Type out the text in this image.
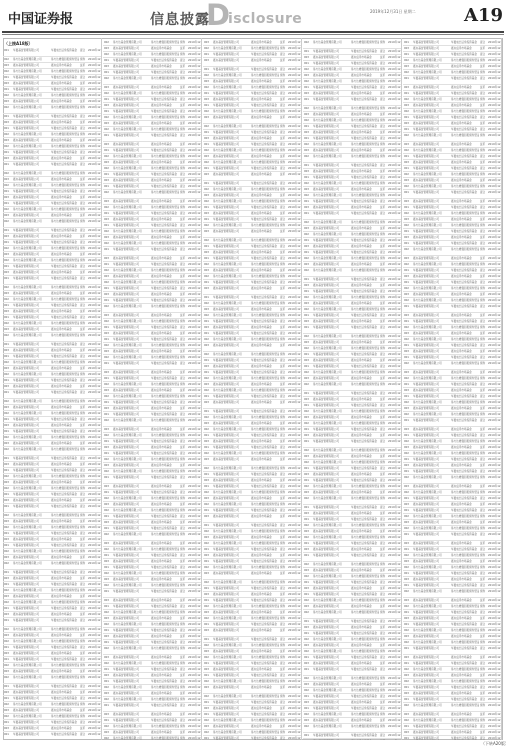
中国证券报	信息披露
D
isclosure	2019年12月31日 星期二	A19
（上接A18版）
001	华夏基金管理有限公司	华夏成长证券投资基金	混合	2019年12月
002	易方达基金管理有限公司	易方达增强回报债券型	债券	2019年12月
003	嘉实基金管理有限公司	嘉实货币市场基金	货币	2019年12月
002	易方达基金管理有限公司	易方达增强回报债券型	债券	2019年12月
001	华夏基金管理有限公司	华夏成长证券投资基金	混合	2019年12月
003	嘉实基金管理有限公司	嘉实货币市场基金	货币	2019年12月
001	华夏基金管理有限公司	华夏成长证券投资基金	混合	2019年12月
002	易方达基金管理有限公司	易方达增强回报债券型	债券	2019年12月
003	嘉实基金管理有限公司	嘉实货币市场基金	货币	2019年12月
002	易方达基金管理有限公司	易方达增强回报债券型	债券	2019年12月
001	华夏基金管理有限公司	华夏成长证券投资基金	混合	2019年12月
003	嘉实基金管理有限公司	嘉实货币市场基金	货币	2019年12月
001	华夏基金管理有限公司	华夏成长证券投资基金	混合	2019年12月
002	易方达基金管理有限公司	易方达增强回报债券型	债券	2019年12月
003	嘉实基金管理有限公司	嘉实货币市场基金	货币	2019年12月
002	易方达基金管理有限公司	易方达增强回报债券型	债券	2019年12月
001	华夏基金管理有限公司	华夏成长证券投资基金	混合	2019年12月
003	嘉实基金管理有限公司	嘉实货币市场基金	货币	2019年12月
001	华夏基金管理有限公司	华夏成长证券投资基金	混合	2019年12月
002	易方达基金管理有限公司	易方达增强回报债券型	债券	2019年12月
003	嘉实基金管理有限公司	嘉实货币市场基金	货币	2019年12月
002	易方达基金管理有限公司	易方达增强回报债券型	债券	2019年12月
001	华夏基金管理有限公司	华夏成长证券投资基金	混合	2019年12月
003	嘉实基金管理有限公司	嘉实货币市场基金	货币	2019年12月
001	华夏基金管理有限公司	华夏成长证券投资基金	混合	2019年12月
002	易方达基金管理有限公司	易方达增强回报债券型	债券	2019年12月
003	嘉实基金管理有限公司	嘉实货币市场基金	货币	2019年12月
002	易方达基金管理有限公司	易方达增强回报债券型	债券	2019年12月
001	华夏基金管理有限公司	华夏成长证券投资基金	混合	2019年12月
003	嘉实基金管理有限公司	嘉实货币市场基金	货币	2019年12月
001	华夏基金管理有限公司	华夏成长证券投资基金	混合	2019年12月
002	易方达基金管理有限公司	易方达增强回报债券型	债券	2019年12月
003	嘉实基金管理有限公司	嘉实货币市场基金	货币	2019年12月
002	易方达基金管理有限公司	易方达增强回报债券型	债券	2019年12月
001	华夏基金管理有限公司	华夏成长证券投资基金	混合	2019年12月
003	嘉实基金管理有限公司	嘉实货币市场基金	货币	2019年12月
001	华夏基金管理有限公司	华夏成长证券投资基金	混合	2019年12月
002	易方达基金管理有限公司	易方达增强回报债券型	债券	2019年12月
003	嘉实基金管理有限公司	嘉实货币市场基金	货币	2019年12月
002	易方达基金管理有限公司	易方达增强回报债券型	债券	2019年12月
001	华夏基金管理有限公司	华夏成长证券投资基金	混合	2019年12月
003	嘉实基金管理有限公司	嘉实货币市场基金	货币	2019年12月
001	华夏基金管理有限公司	华夏成长证券投资基金	混合	2019年12月
002	易方达基金管理有限公司	易方达增强回报债券型	债券	2019年12月
003	嘉实基金管理有限公司	嘉实货币市场基金	货币	2019年12月
002	易方达基金管理有限公司	易方达增强回报债券型	债券	2019年12月
001	华夏基金管理有限公司	华夏成长证券投资基金	混合	2019年12月
003	嘉实基金管理有限公司	嘉实货币市场基金	货币	2019年12月
001	华夏基金管理有限公司	华夏成长证券投资基金	混合	2019年12月
002	易方达基金管理有限公司	易方达增强回报债券型	债券	2019年12月
003	嘉实基金管理有限公司	嘉实货币市场基金	货币	2019年12月
002	易方达基金管理有限公司	易方达增强回报债券型	债券	2019年12月
001	华夏基金管理有限公司	华夏成长证券投资基金	混合	2019年12月
003	嘉实基金管理有限公司	嘉实货币市场基金	货币	2019年12月
001	华夏基金管理有限公司	华夏成长证券投资基金	混合	2019年12月
002	易方达基金管理有限公司	易方达增强回报债券型	债券	2019年12月
003	嘉实基金管理有限公司	嘉实货币市场基金	货币	2019年12月
002	易方达基金管理有限公司	易方达增强回报债券型	债券	2019年12月
001	华夏基金管理有限公司	华夏成长证券投资基金	混合	2019年12月
003	嘉实基金管理有限公司	嘉实货币市场基金	货币	2019年12月
001	华夏基金管理有限公司	华夏成长证券投资基金	混合	2019年12月
002	易方达基金管理有限公司	易方达增强回报债券型	债券	2019年12月
003	嘉实基金管理有限公司	嘉实货币市场基金	货币	2019年12月
002	易方达基金管理有限公司	易方达增强回报债券型	债券	2019年12月
001	华夏基金管理有限公司	华夏成长证券投资基金	混合	2019年12月
003	嘉实基金管理有限公司	嘉实货币市场基金	货币	2019年12月
001	华夏基金管理有限公司	华夏成长证券投资基金	混合	2019年12月
002	易方达基金管理有限公司	易方达增强回报债券型	债券	2019年12月
003	嘉实基金管理有限公司	嘉实货币市场基金	货币	2019年12月
002	易方达基金管理有限公司	易方达增强回报债券型	债券	2019年12月
001	华夏基金管理有限公司	华夏成长证券投资基金	混合	2019年12月
003	嘉实基金管理有限公司	嘉实货币市场基金	货币	2019年12月
001	华夏基金管理有限公司	华夏成长证券投资基金	混合	2019年12月
002	易方达基金管理有限公司	易方达增强回报债券型	债券	2019年12月
003	嘉实基金管理有限公司	嘉实货币市场基金	货币	2019年12月
002	易方达基金管理有限公司	易方达增强回报债券型	债券	2019年12月
001	华夏基金管理有限公司	华夏成长证券投资基金	混合	2019年12月
003	嘉实基金管理有限公司	嘉实货币市场基金	货币	2019年12月
001	华夏基金管理有限公司	华夏成长证券投资基金	混合	2019年12月
002	易方达基金管理有限公司	易方达增强回报债券型	债券	2019年12月
003	嘉实基金管理有限公司	嘉实货币市场基金	货币	2019年12月
002	易方达基金管理有限公司	易方达增强回报债券型	债券	2019年12月
001	华夏基金管理有限公司	华夏成长证券投资基金	混合	2019年12月
003	嘉实基金管理有限公司	嘉实货币市场基金	货币	2019年12月
001	华夏基金管理有限公司	华夏成长证券投资基金	混合	2019年12月
002	易方达基金管理有限公司	易方达增强回报债券型	债券	2019年12月
003	嘉实基金管理有限公司	嘉实货币市场基金	货币	2019年12月
002	易方达基金管理有限公司	易方达增强回报债券型	债券	2019年12月
001	华夏基金管理有限公司	华夏成长证券投资基金	混合	2019年12月
003	嘉实基金管理有限公司	嘉实货币市场基金	货币	2019年12月
001	华夏基金管理有限公司	华夏成长证券投资基金	混合	2019年12月
002	易方达基金管理有限公司	易方达增强回报债券型	债券	2019年12月
003	嘉实基金管理有限公司	嘉实货币市场基金	货币	2019年12月
002	易方达基金管理有限公司	易方达增强回报债券型	债券	2019年12月
001	华夏基金管理有限公司	华夏成长证券投资基金	混合	2019年12月
003	嘉实基金管理有限公司	嘉实货币市场基金	货币	2019年12月
001	华夏基金管理有限公司	华夏成长证券投资基金	混合	2019年12月
002	易方达基金管理有限公司	易方达增强回报债券型	债券	2019年12月
003	嘉实基金管理有限公司	嘉实货币市场基金	货币	2019年12月
002	易方达基金管理有限公司	易方达增强回报债券型	债券	2019年12月
001	华夏基金管理有限公司	华夏成长证券投资基金	混合	2019年12月
003	嘉实基金管理有限公司	嘉实货币市场基金	货币	2019年12月
001	华夏基金管理有限公司	华夏成长证券投资基金	混合	2019年12月
002	易方达基金管理有限公司	易方达增强回报债券型	债券	2019年12月
003	嘉实基金管理有限公司	嘉实货币市场基金	货币	2019年12月
002	易方达基金管理有限公司	易方达增强回报债券型	债券	2019年12月
001	华夏基金管理有限公司	华夏成长证券投资基金	混合	2019年12月
003	嘉实基金管理有限公司	嘉实货币市场基金	货币	2019年12月
001	华夏基金管理有限公司	华夏成长证券投资基金	混合	2019年12月
002	易方达基金管理有限公司	易方达增强回报债券型	债券	2019年12月
003	嘉实基金管理有限公司	嘉实货币市场基金	货币	2019年12月
002	易方达基金管理有限公司	易方达增强回报债券型	债券	2019年12月
001	华夏基金管理有限公司	华夏成长证券投资基金	混合	2019年12月
003	嘉实基金管理有限公司	嘉实货币市场基金	货币	2019年12月
001	华夏基金管理有限公司	华夏成长证券投资基金	混合	2019年12月
002	易方达基金管理有限公司	易方达增强回报债券型	债券	2019年12月
003	嘉实基金管理有限公司	嘉实货币市场基金	货币	2019年12月
002	易方达基金管理有限公司	易方达增强回报债券型	债券	2019年12月
001	华夏基金管理有限公司	华夏成长证券投资基金	混合	2019年12月
003	嘉实基金管理有限公司	嘉实货币市场基金	货币	2019年12月
001	华夏基金管理有限公司	华夏成长证券投资基金	混合	2019年12月
002	易方达基金管理有限公司	易方达增强回报债券型	债券	2019年12月
003	嘉实基金管理有限公司	嘉实货币市场基金	货币	2019年12月
002	易方达基金管理有限公司	易方达增强回报债券型	债券	2019年12月
001	华夏基金管理有限公司	华夏成长证券投资基金	混合	2019年12月
003	嘉实基金管理有限公司	嘉实货币市场基金	货币	2019年12月
001	华夏基金管理有限公司	华夏成长证券投资基金	混合	2019年12月
002	易方达基金管理有限公司	易方达增强回报债券型	债券	2019年12月
003	嘉实基金管理有限公司	嘉实货币市场基金	货币	2019年12月
002	易方达基金管理有限公司	易方达增强回报债券型	债券	2019年12月
001	华夏基金管理有限公司	华夏成长证券投资基金	混合	2019年12月
003	嘉实基金管理有限公司	嘉实货币市场基金	货币	2019年12月
001	华夏基金管理有限公司	华夏成长证券投资基金	混合	2019年12月
002	易方达基金管理有限公司	易方达增强回报债券型	债券	2019年12月
003	嘉实基金管理有限公司	嘉实货币市场基金	货币	2019年12月
002	易方达基金管理有限公司	易方达增强回报债券型	债券	2019年12月
001	华夏基金管理有限公司	华夏成长证券投资基金	混合	2019年12月
003	嘉实基金管理有限公司	嘉实货币市场基金	货币	2019年12月
001	华夏基金管理有限公司	华夏成长证券投资基金	混合	2019年12月
002	易方达基金管理有限公司	易方达增强回报债券型	债券	2019年12月
003	嘉实基金管理有限公司	嘉实货币市场基金	货币	2019年12月
002	易方达基金管理有限公司	易方达增强回报债券型	债券	2019年12月
001	华夏基金管理有限公司	华夏成长证券投资基金	混合	2019年12月
003	嘉实基金管理有限公司	嘉实货币市场基金	货币	2019年12月
001	华夏基金管理有限公司	华夏成长证券投资基金	混合	2019年12月
002	易方达基金管理有限公司	易方达增强回报债券型	债券	2019年12月
003	嘉实基金管理有限公司	嘉实货币市场基金	货币	2019年12月
002	易方达基金管理有限公司	易方达增强回报债券型	债券	2019年12月
001	华夏基金管理有限公司	华夏成长证券投资基金	混合	2019年12月
003	嘉实基金管理有限公司	嘉实货币市场基金	货币	2019年12月
001	华夏基金管理有限公司	华夏成长证券投资基金	混合	2019年12月
002	易方达基金管理有限公司	易方达增强回报债券型	债券	2019年12月
003	嘉实基金管理有限公司	嘉实货币市场基金	货币	2019年12月
002	易方达基金管理有限公司	易方达增强回报债券型	债券	2019年12月
001	华夏基金管理有限公司	华夏成长证券投资基金	混合	2019年12月
003	嘉实基金管理有限公司	嘉实货币市场基金	货币	2019年12月
001	华夏基金管理有限公司	华夏成长证券投资基金	混合	2019年12月
002	易方达基金管理有限公司	易方达增强回报债券型	债券	2019年12月
003	嘉实基金管理有限公司	嘉实货币市场基金	货币	2019年12月
002	易方达基金管理有限公司	易方达增强回报债券型	债券	2019年12月
001	华夏基金管理有限公司	华夏成长证券投资基金	混合	2019年12月
003	嘉实基金管理有限公司	嘉实货币市场基金	货币	2019年12月
001	华夏基金管理有限公司	华夏成长证券投资基金	混合	2019年12月
002	易方达基金管理有限公司	易方达增强回报债券型	债券	2019年12月
003	嘉实基金管理有限公司	嘉实货币市场基金	货币	2019年12月
002	易方达基金管理有限公司	易方达增强回报债券型	债券	2019年12月
001	华夏基金管理有限公司	华夏成长证券投资基金	混合	2019年12月
003	嘉实基金管理有限公司	嘉实货币市场基金	货币	2019年12月
001	华夏基金管理有限公司	华夏成长证券投资基金	混合	2019年12月
002	易方达基金管理有限公司	易方达增强回报债券型	债券	2019年12月
003	嘉实基金管理有限公司	嘉实货币市场基金	货币	2019年12月
002	易方达基金管理有限公司	易方达增强回报债券型	债券	2019年12月
001	华夏基金管理有限公司	华夏成长证券投资基金	混合	2019年12月
003	嘉实基金管理有限公司	嘉实货币市场基金	货币	2019年12月
001	华夏基金管理有限公司	华夏成长证券投资基金	混合	2019年12月
002	易方达基金管理有限公司	易方达增强回报债券型	债券	2019年12月
003	嘉实基金管理有限公司	嘉实货币市场基金	货币	2019年12月
002	易方达基金管理有限公司	易方达增强回报债券型	债券	2019年12月
001	华夏基金管理有限公司	华夏成长证券投资基金	混合	2019年12月
003	嘉实基金管理有限公司	嘉实货币市场基金	货币	2019年12月
001	华夏基金管理有限公司	华夏成长证券投资基金	混合	2019年12月
002	易方达基金管理有限公司	易方达增强回报债券型	债券	2019年12月
003	嘉实基金管理有限公司	嘉实货币市场基金	货币	2019年12月
002	易方达基金管理有限公司	易方达增强回报债券型	债券	2019年12月
001	华夏基金管理有限公司	华夏成长证券投资基金	混合	2019年12月
003	嘉实基金管理有限公司	嘉实货币市场基金	货币	2019年12月
001	华夏基金管理有限公司	华夏成长证券投资基金	混合	2019年12月
002	易方达基金管理有限公司	易方达增强回报债券型	债券	2019年12月
003	嘉实基金管理有限公司	嘉实货币市场基金	货币	2019年12月
002	易方达基金管理有限公司	易方达增强回报债券型	债券	2019年12月
001	华夏基金管理有限公司	华夏成长证券投资基金	混合	2019年12月
003	嘉实基金管理有限公司	嘉实货币市场基金	货币	2019年12月
001	华夏基金管理有限公司	华夏成长证券投资基金	混合	2019年12月
002	易方达基金管理有限公司	易方达增强回报债券型	债券	2019年12月
003	嘉实基金管理有限公司	嘉实货币市场基金	货币	2019年12月
002	易方达基金管理有限公司	易方达增强回报债券型	债券	2019年12月
001	华夏基金管理有限公司	华夏成长证券投资基金	混合	2019年12月
003	嘉实基金管理有限公司	嘉实货币市场基金	货币	2019年12月
001	华夏基金管理有限公司	华夏成长证券投资基金	混合	2019年12月
002	易方达基金管理有限公司	易方达增强回报债券型	债券	2019年12月
003	嘉实基金管理有限公司	嘉实货币市场基金	货币	2019年12月
002	易方达基金管理有限公司	易方达增强回报债券型	债券	2019年12月
001	华夏基金管理有限公司	华夏成长证券投资基金	混合	2019年12月
003	嘉实基金管理有限公司	嘉实货币市场基金	货币	2019年12月
001	华夏基金管理有限公司	华夏成长证券投资基金	混合	2019年12月
002	易方达基金管理有限公司	易方达增强回报债券型	债券	2019年12月
003	嘉实基金管理有限公司	嘉实货币市场基金	货币	2019年12月
002	易方达基金管理有限公司	易方达增强回报债券型	债券	2019年12月
001	华夏基金管理有限公司	华夏成长证券投资基金	混合	2019年12月
003	嘉实基金管理有限公司	嘉实货币市场基金	货币	2019年12月
001	华夏基金管理有限公司	华夏成长证券投资基金	混合	2019年12月
002	易方达基金管理有限公司	易方达增强回报债券型	债券	2019年12月
003	嘉实基金管理有限公司	嘉实货币市场基金	货币	2019年12月
002	易方达基金管理有限公司	易方达增强回报债券型	债券	2019年12月
001	华夏基金管理有限公司	华夏成长证券投资基金	混合	2019年12月
003	嘉实基金管理有限公司	嘉实货币市场基金	货币	2019年12月
001	华夏基金管理有限公司	华夏成长证券投资基金	混合	2019年12月
002	易方达基金管理有限公司	易方达增强回报债券型	债券	2019年12月
003	嘉实基金管理有限公司	嘉实货币市场基金	货币	2019年12月
002	易方达基金管理有限公司	易方达增强回报债券型	债券	2019年12月
003	嘉实基金管理有限公司	嘉实货币市场基金	货币	2019年12月
002	易方达基金管理有限公司	易方达增强回报债券型	债券	2019年12月
001	华夏基金管理有限公司	华夏成长证券投资基金	混合	2019年12月
003	嘉实基金管理有限公司	嘉实货币市场基金	货币	2019年12月
001	华夏基金管理有限公司	华夏成长证券投资基金	混合	2019年12月
002	易方达基金管理有限公司	易方达增强回报债券型	债券	2019年12月
003	嘉实基金管理有限公司	嘉实货币市场基金	货币	2019年12月
002	易方达基金管理有限公司	易方达增强回报债券型	债券	2019年12月
001	华夏基金管理有限公司	华夏成长证券投资基金	混合	2019年12月
003	嘉实基金管理有限公司	嘉实货币市场基金	货币	2019年12月
001	华夏基金管理有限公司	华夏成长证券投资基金	混合	2019年12月
002	易方达基金管理有限公司	易方达增强回报债券型	债券	2019年12月
003	嘉实基金管理有限公司	嘉实货币市场基金	货币	2019年12月
002	易方达基金管理有限公司	易方达增强回报债券型	债券	2019年12月
001	华夏基金管理有限公司	华夏成长证券投资基金	混合	2019年12月
003	嘉实基金管理有限公司	嘉实货币市场基金	货币	2019年12月
001	华夏基金管理有限公司	华夏成长证券投资基金	混合	2019年12月
002	易方达基金管理有限公司	易方达增强回报债券型	债券	2019年12月
003	嘉实基金管理有限公司	嘉实货币市场基金	货币	2019年12月
002	易方达基金管理有限公司	易方达增强回报债券型	债券	2019年12月
001	华夏基金管理有限公司	华夏成长证券投资基金	混合	2019年12月
003	嘉实基金管理有限公司	嘉实货币市场基金	货币	2019年12月
001	华夏基金管理有限公司	华夏成长证券投资基金	混合	2019年12月
002	易方达基金管理有限公司	易方达增强回报债券型	债券	2019年12月
003	嘉实基金管理有限公司	嘉实货币市场基金	货币	2019年12月
002	易方达基金管理有限公司	易方达增强回报债券型	债券	2019年12月
001	华夏基金管理有限公司	华夏成长证券投资基金	混合	2019年12月
003	嘉实基金管理有限公司	嘉实货币市场基金	货币	2019年12月
001	华夏基金管理有限公司	华夏成长证券投资基金	混合	2019年12月
002	易方达基金管理有限公司	易方达增强回报债券型	债券	2019年12月
003	嘉实基金管理有限公司	嘉实货币市场基金	货币	2019年12月
002	易方达基金管理有限公司	易方达增强回报债券型	债券	2019年12月
001	华夏基金管理有限公司	华夏成长证券投资基金	混合	2019年12月
003	嘉实基金管理有限公司	嘉实货币市场基金	货币	2019年12月
001	华夏基金管理有限公司	华夏成长证券投资基金	混合	2019年12月
002	易方达基金管理有限公司	易方达增强回报债券型	债券	2019年12月
003	嘉实基金管理有限公司	嘉实货币市场基金	货币	2019年12月
002	易方达基金管理有限公司	易方达增强回报债券型	债券	2019年12月
001	华夏基金管理有限公司	华夏成长证券投资基金	混合	2019年12月
003	嘉实基金管理有限公司	嘉实货币市场基金	货币	2019年12月
001	华夏基金管理有限公司	华夏成长证券投资基金	混合	2019年12月
002	易方达基金管理有限公司	易方达增强回报债券型	债券	2019年12月
003	嘉实基金管理有限公司	嘉实货币市场基金	货币	2019年12月
002	易方达基金管理有限公司	易方达增强回报债券型	债券	2019年12月
001	华夏基金管理有限公司	华夏成长证券投资基金	混合	2019年12月
003	嘉实基金管理有限公司	嘉实货币市场基金	货币	2019年12月
001	华夏基金管理有限公司	华夏成长证券投资基金	混合	2019年12月
002	易方达基金管理有限公司	易方达增强回报债券型	债券	2019年12月
003	嘉实基金管理有限公司	嘉实货币市场基金	货币	2019年12月
002	易方达基金管理有限公司	易方达增强回报债券型	债券	2019年12月
001	华夏基金管理有限公司	华夏成长证券投资基金	混合	2019年12月
003	嘉实基金管理有限公司	嘉实货币市场基金	货币	2019年12月
001	华夏基金管理有限公司	华夏成长证券投资基金	混合	2019年12月
002	易方达基金管理有限公司	易方达增强回报债券型	债券	2019年12月
003	嘉实基金管理有限公司	嘉实货币市场基金	货币	2019年12月
002	易方达基金管理有限公司	易方达增强回报债券型	债券	2019年12月
001	华夏基金管理有限公司	华夏成长证券投资基金	混合	2019年12月
003	嘉实基金管理有限公司	嘉实货币市场基金	货币	2019年12月
001	华夏基金管理有限公司	华夏成长证券投资基金	混合	2019年12月
002	易方达基金管理有限公司	易方达增强回报债券型	债券	2019年12月
003	嘉实基金管理有限公司	嘉实货币市场基金	货币	2019年12月
002	易方达基金管理有限公司	易方达增强回报债券型	债券	2019年12月
001	华夏基金管理有限公司	华夏成长证券投资基金	混合	2019年12月
003	嘉实基金管理有限公司	嘉实货币市场基金	货币	2019年12月
001	华夏基金管理有限公司	华夏成长证券投资基金	混合	2019年12月
002	易方达基金管理有限公司	易方达增强回报债券型	债券	2019年12月
003	嘉实基金管理有限公司	嘉实货币市场基金	货币	2019年12月
002	易方达基金管理有限公司	易方达增强回报债券型	债券	2019年12月
001	华夏基金管理有限公司	华夏成长证券投资基金	混合	2019年12月
003	嘉实基金管理有限公司	嘉实货币市场基金	货币	2019年12月
001	华夏基金管理有限公司	华夏成长证券投资基金	混合	2019年12月
002	易方达基金管理有限公司	易方达增强回报债券型	债券	2019年12月
003	嘉实基金管理有限公司	嘉实货币市场基金	货币	2019年12月
002	易方达基金管理有限公司	易方达增强回报债券型	债券	2019年12月
001	华夏基金管理有限公司	华夏成长证券投资基金	混合	2019年12月
003	嘉实基金管理有限公司	嘉实货币市场基金	货币	2019年12月
001	华夏基金管理有限公司	华夏成长证券投资基金	混合	2019年12月
002	易方达基金管理有限公司	易方达增强回报债券型	债券	2019年12月
003	嘉实基金管理有限公司	嘉实货币市场基金	货币	2019年12月
002	易方达基金管理有限公司	易方达增强回报债券型	债券	2019年12月
001	华夏基金管理有限公司	华夏成长证券投资基金	混合	2019年12月
003	嘉实基金管理有限公司	嘉实货币市场基金	货币	2019年12月
001	华夏基金管理有限公司	华夏成长证券投资基金	混合	2019年12月
002	易方达基金管理有限公司	易方达增强回报债券型	债券	2019年12月
003	嘉实基金管理有限公司	嘉实货币市场基金	货币	2019年12月
002	易方达基金管理有限公司	易方达增强回报债券型	债券	2019年12月
001	华夏基金管理有限公司	华夏成长证券投资基金	混合	2019年12月
003	嘉实基金管理有限公司	嘉实货币市场基金	货币	2019年12月
001	华夏基金管理有限公司	华夏成长证券投资基金	混合	2019年12月
002	易方达基金管理有限公司	易方达增强回报债券型	债券	2019年12月
003	嘉实基金管理有限公司	嘉实货币市场基金	货币	2019年12月
002	易方达基金管理有限公司	易方达增强回报债券型	债券	2019年12月
001	华夏基金管理有限公司	华夏成长证券投资基金	混合	2019年12月
003	嘉实基金管理有限公司	嘉实货币市场基金	货币	2019年12月
001	华夏基金管理有限公司	华夏成长证券投资基金	混合	2019年12月
002	易方达基金管理有限公司	易方达增强回报债券型	债券	2019年12月
003	嘉实基金管理有限公司	嘉实货币市场基金	货币	2019年12月
002	易方达基金管理有限公司	易方达增强回报债券型	债券	2019年12月
001	华夏基金管理有限公司	华夏成长证券投资基金	混合	2019年12月
003	嘉实基金管理有限公司	嘉实货币市场基金	货币	2019年12月
001	华夏基金管理有限公司	华夏成长证券投资基金	混合	2019年12月
002	易方达基金管理有限公司	易方达增强回报债券型	债券	2019年12月
003	嘉实基金管理有限公司	嘉实货币市场基金	货币	2019年12月
002	易方达基金管理有限公司	易方达增强回报债券型	债券	2019年12月
001	华夏基金管理有限公司	华夏成长证券投资基金	混合	2019年12月
003	嘉实基金管理有限公司	嘉实货币市场基金	货币	2019年12月
001	华夏基金管理有限公司	华夏成长证券投资基金	混合	2019年12月
002	易方达基金管理有限公司	易方达增强回报债券型	债券	2019年12月
003	嘉实基金管理有限公司	嘉实货币市场基金	货币	2019年12月
002	易方达基金管理有限公司	易方达增强回报债券型	债券	2019年12月
001	华夏基金管理有限公司	华夏成长证券投资基金	混合	2019年12月
002	易方达基金管理有限公司	易方达增强回报债券型	债券	2019年12月
001	华夏基金管理有限公司	华夏成长证券投资基金	混合	2019年12月
003	嘉实基金管理有限公司	嘉实货币市场基金	货币	2019年12月
001	华夏基金管理有限公司	华夏成长证券投资基金	混合	2019年12月
002	易方达基金管理有限公司	易方达增强回报债券型	债券	2019年12月
003	嘉实基金管理有限公司	嘉实货币市场基金	货币	2019年12月
002	易方达基金管理有限公司	易方达增强回报债券型	债券	2019年12月
001	华夏基金管理有限公司	华夏成长证券投资基金	混合	2019年12月
003	嘉实基金管理有限公司	嘉实货币市场基金	货币	2019年12月
001	华夏基金管理有限公司	华夏成长证券投资基金	混合	2019年12月
002	易方达基金管理有限公司	易方达增强回报债券型	债券	2019年12月
003	嘉实基金管理有限公司	嘉实货币市场基金	货币	2019年12月
002	易方达基金管理有限公司	易方达增强回报债券型	债券	2019年12月
001	华夏基金管理有限公司	华夏成长证券投资基金	混合	2019年12月
003	嘉实基金管理有限公司	嘉实货币市场基金	货币	2019年12月
001	华夏基金管理有限公司	华夏成长证券投资基金	混合	2019年12月
002	易方达基金管理有限公司	易方达增强回报债券型	债券	2019年12月
003	嘉实基金管理有限公司	嘉实货币市场基金	货币	2019年12月
002	易方达基金管理有限公司	易方达增强回报债券型	债券	2019年12月
001	华夏基金管理有限公司	华夏成长证券投资基金	混合	2019年12月
003	嘉实基金管理有限公司	嘉实货币市场基金	货币	2019年12月
001	华夏基金管理有限公司	华夏成长证券投资基金	混合	2019年12月
002	易方达基金管理有限公司	易方达增强回报债券型	债券	2019年12月
003	嘉实基金管理有限公司	嘉实货币市场基金	货币	2019年12月
002	易方达基金管理有限公司	易方达增强回报债券型	债券	2019年12月
001	华夏基金管理有限公司	华夏成长证券投资基金	混合	2019年12月
003	嘉实基金管理有限公司	嘉实货币市场基金	货币	2019年12月
001	华夏基金管理有限公司	华夏成长证券投资基金	混合	2019年12月
002	易方达基金管理有限公司	易方达增强回报债券型	债券	2019年12月
003	嘉实基金管理有限公司	嘉实货币市场基金	货币	2019年12月
002	易方达基金管理有限公司	易方达增强回报债券型	债券	2019年12月
001	华夏基金管理有限公司	华夏成长证券投资基金	混合	2019年12月
003	嘉实基金管理有限公司	嘉实货币市场基金	货币	2019年12月
001	华夏基金管理有限公司	华夏成长证券投资基金	混合	2019年12月
002	易方达基金管理有限公司	易方达增强回报债券型	债券	2019年12月
003	嘉实基金管理有限公司	嘉实货币市场基金	货币	2019年12月
002	易方达基金管理有限公司	易方达增强回报债券型	债券	2019年12月
001	华夏基金管理有限公司	华夏成长证券投资基金	混合	2019年12月
003	嘉实基金管理有限公司	嘉实货币市场基金	货币	2019年12月
001	华夏基金管理有限公司	华夏成长证券投资基金	混合	2019年12月
002	易方达基金管理有限公司	易方达增强回报债券型	债券	2019年12月
003	嘉实基金管理有限公司	嘉实货币市场基金	货币	2019年12月
002	易方达基金管理有限公司	易方达增强回报债券型	债券	2019年12月
001	华夏基金管理有限公司	华夏成长证券投资基金	混合	2019年12月
003	嘉实基金管理有限公司	嘉实货币市场基金	货币	2019年12月
001	华夏基金管理有限公司	华夏成长证券投资基金	混合	2019年12月
002	易方达基金管理有限公司	易方达增强回报债券型	债券	2019年12月
003	嘉实基金管理有限公司	嘉实货币市场基金	货币	2019年12月
002	易方达基金管理有限公司	易方达增强回报债券型	债券	2019年12月
001	华夏基金管理有限公司	华夏成长证券投资基金	混合	2019年12月
003	嘉实基金管理有限公司	嘉实货币市场基金	货币	2019年12月
001	华夏基金管理有限公司	华夏成长证券投资基金	混合	2019年12月
002	易方达基金管理有限公司	易方达增强回报债券型	债券	2019年12月
003	嘉实基金管理有限公司	嘉实货币市场基金	货币	2019年12月
002	易方达基金管理有限公司	易方达增强回报债券型	债券	2019年12月
001	华夏基金管理有限公司	华夏成长证券投资基金	混合	2019年12月
003	嘉实基金管理有限公司	嘉实货币市场基金	货币	2019年12月
001	华夏基金管理有限公司	华夏成长证券投资基金	混合	2019年12月
002	易方达基金管理有限公司	易方达增强回报债券型	债券	2019年12月
003	嘉实基金管理有限公司	嘉实货币市场基金	货币	2019年12月
002	易方达基金管理有限公司	易方达增强回报债券型	债券	2019年12月
001	华夏基金管理有限公司	华夏成长证券投资基金	混合	2019年12月
003	嘉实基金管理有限公司	嘉实货币市场基金	货币	2019年12月
001	华夏基金管理有限公司	华夏成长证券投资基金	混合	2019年12月
002	易方达基金管理有限公司	易方达增强回报债券型	债券	2019年12月
003	嘉实基金管理有限公司	嘉实货币市场基金	货币	2019年12月
002	易方达基金管理有限公司	易方达增强回报债券型	债券	2019年12月
001	华夏基金管理有限公司	华夏成长证券投资基金	混合	2019年12月
003	嘉实基金管理有限公司	嘉实货币市场基金	货币	2019年12月
001	华夏基金管理有限公司	华夏成长证券投资基金	混合	2019年12月
002	易方达基金管理有限公司	易方达增强回报债券型	债券	2019年12月
003	嘉实基金管理有限公司	嘉实货币市场基金	货币	2019年12月
002	易方达基金管理有限公司	易方达增强回报债券型	债券	2019年12月
001	华夏基金管理有限公司	华夏成长证券投资基金	混合	2019年12月
003	嘉实基金管理有限公司	嘉实货币市场基金	货币	2019年12月
001	华夏基金管理有限公司	华夏成长证券投资基金	混合	2019年12月
002	易方达基金管理有限公司	易方达增强回报债券型	债券	2019年12月
003	嘉实基金管理有限公司	嘉实货币市场基金	货币	2019年12月
002	易方达基金管理有限公司	易方达增强回报债券型	债券	2019年12月
001	华夏基金管理有限公司	华夏成长证券投资基金	混合	2019年12月
003	嘉实基金管理有限公司	嘉实货币市场基金	货币	2019年12月
001	华夏基金管理有限公司	华夏成长证券投资基金	混合	2019年12月
002	易方达基金管理有限公司	易方达增强回报债券型	债券	2019年12月
003	嘉实基金管理有限公司	嘉实货币市场基金	货币	2019年12月
002	易方达基金管理有限公司	易方达增强回报债券型	债券	2019年12月
001	华夏基金管理有限公司	华夏成长证券投资基金	混合	2019年12月
003	嘉实基金管理有限公司	嘉实货币市场基金	货币	2019年12月
001	华夏基金管理有限公司	华夏成长证券投资基金	混合	2019年12月
002	易方达基金管理有限公司	易方达增强回报债券型	债券	2019年12月
003	嘉实基金管理有限公司	嘉实货币市场基金	货币	2019年12月
002	易方达基金管理有限公司	易方达增强回报债券型	债券	2019年12月
001	华夏基金管理有限公司	华夏成长证券投资基金	混合	2019年12月
003	嘉实基金管理有限公司	嘉实货币市场基金	货币	2019年12月
001	华夏基金管理有限公司	华夏成长证券投资基金	混合	2019年12月
002	易方达基金管理有限公司	易方达增强回报债券型	债券	2019年12月
003	嘉实基金管理有限公司	嘉实货币市场基金	货币	2019年12月
002	易方达基金管理有限公司	易方达增强回报债券型	债券	2019年12月
001	华夏基金管理有限公司	华夏成长证券投资基金	混合	2019年12月
003	嘉实基金管理有限公司	嘉实货币市场基金	货币	2019年12月
001	华夏基金管理有限公司	华夏成长证券投资基金	混合	2019年12月
002	易方达基金管理有限公司	易方达增强回报债券型	债券	2019年12月
003	嘉实基金管理有限公司	嘉实货币市场基金	货币	2019年12月
002	易方达基金管理有限公司	易方达增强回报债券型	债券	2019年12月
001	华夏基金管理有限公司	华夏成长证券投资基金	混合	2019年12月
003	嘉实基金管理有限公司	嘉实货币市场基金	货币	2019年12月
001	华夏基金管理有限公司	华夏成长证券投资基金	混合	2019年12月
002	易方达基金管理有限公司	易方达增强回报债券型	债券	2019年12月
003	嘉实基金管理有限公司	嘉实货币市场基金	货币	2019年12月
002	易方达基金管理有限公司	易方达增强回报债券型	债券	2019年12月
001	华夏基金管理有限公司	华夏成长证券投资基金	混合	2019年12月
001	华夏基金管理有限公司	华夏成长证券投资基金	混合	2019年12月
003	嘉实基金管理有限公司	嘉实货币市场基金	货币	2019年12月
001	华夏基金管理有限公司	华夏成长证券投资基金	混合	2019年12月
002	易方达基金管理有限公司	易方达增强回报债券型	债券	2019年12月
003	嘉实基金管理有限公司	嘉实货币市场基金	货币	2019年12月
002	易方达基金管理有限公司	易方达增强回报债券型	债券	2019年12月
001	华夏基金管理有限公司	华夏成长证券投资基金	混合	2019年12月
003	嘉实基金管理有限公司	嘉实货币市场基金	货币	2019年12月
001	华夏基金管理有限公司	华夏成长证券投资基金	混合	2019年12月
002	易方达基金管理有限公司	易方达增强回报债券型	债券	2019年12月
003	嘉实基金管理有限公司	嘉实货币市场基金	货币	2019年12月
002	易方达基金管理有限公司	易方达增强回报债券型	债券	2019年12月
001	华夏基金管理有限公司	华夏成长证券投资基金	混合	2019年12月
003	嘉实基金管理有限公司	嘉实货币市场基金	货币	2019年12月
001	华夏基金管理有限公司	华夏成长证券投资基金	混合	2019年12月
002	易方达基金管理有限公司	易方达增强回报债券型	债券	2019年12月
003	嘉实基金管理有限公司	嘉实货币市场基金	货币	2019年12月
002	易方达基金管理有限公司	易方达增强回报债券型	债券	2019年12月
001	华夏基金管理有限公司	华夏成长证券投资基金	混合	2019年12月
003	嘉实基金管理有限公司	嘉实货币市场基金	货币	2019年12月
001	华夏基金管理有限公司	华夏成长证券投资基金	混合	2019年12月
002	易方达基金管理有限公司	易方达增强回报债券型	债券	2019年12月
003	嘉实基金管理有限公司	嘉实货币市场基金	货币	2019年12月
002	易方达基金管理有限公司	易方达增强回报债券型	债券	2019年12月
001	华夏基金管理有限公司	华夏成长证券投资基金	混合	2019年12月
003	嘉实基金管理有限公司	嘉实货币市场基金	货币	2019年12月
001	华夏基金管理有限公司	华夏成长证券投资基金	混合	2019年12月
002	易方达基金管理有限公司	易方达增强回报债券型	债券	2019年12月
003	嘉实基金管理有限公司	嘉实货币市场基金	货币	2019年12月
002	易方达基金管理有限公司	易方达增强回报债券型	债券	2019年12月
001	华夏基金管理有限公司	华夏成长证券投资基金	混合	2019年12月
003	嘉实基金管理有限公司	嘉实货币市场基金	货币	2019年12月
001	华夏基金管理有限公司	华夏成长证券投资基金	混合	2019年12月
002	易方达基金管理有限公司	易方达增强回报债券型	债券	2019年12月
003	嘉实基金管理有限公司	嘉实货币市场基金	货币	2019年12月
002	易方达基金管理有限公司	易方达增强回报债券型	债券	2019年12月
001	华夏基金管理有限公司	华夏成长证券投资基金	混合	2019年12月
003	嘉实基金管理有限公司	嘉实货币市场基金	货币	2019年12月
001	华夏基金管理有限公司	华夏成长证券投资基金	混合	2019年12月
002	易方达基金管理有限公司	易方达增强回报债券型	债券	2019年12月
003	嘉实基金管理有限公司	嘉实货币市场基金	货币	2019年12月
002	易方达基金管理有限公司	易方达增强回报债券型	债券	2019年12月
001	华夏基金管理有限公司	华夏成长证券投资基金	混合	2019年12月
003	嘉实基金管理有限公司	嘉实货币市场基金	货币	2019年12月
001	华夏基金管理有限公司	华夏成长证券投资基金	混合	2019年12月
002	易方达基金管理有限公司	易方达增强回报债券型	债券	2019年12月
003	嘉实基金管理有限公司	嘉实货币市场基金	货币	2019年12月
002	易方达基金管理有限公司	易方达增强回报债券型	债券	2019年12月
001	华夏基金管理有限公司	华夏成长证券投资基金	混合	2019年12月
003	嘉实基金管理有限公司	嘉实货币市场基金	货币	2019年12月
001	华夏基金管理有限公司	华夏成长证券投资基金	混合	2019年12月
002	易方达基金管理有限公司	易方达增强回报债券型	债券	2019年12月
003	嘉实基金管理有限公司	嘉实货币市场基金	货币	2019年12月
002	易方达基金管理有限公司	易方达增强回报债券型	债券	2019年12月
001	华夏基金管理有限公司	华夏成长证券投资基金	混合	2019年12月
003	嘉实基金管理有限公司	嘉实货币市场基金	货币	2019年12月
001	华夏基金管理有限公司	华夏成长证券投资基金	混合	2019年12月
002	易方达基金管理有限公司	易方达增强回报债券型	债券	2019年12月
003	嘉实基金管理有限公司	嘉实货币市场基金	货币	2019年12月
002	易方达基金管理有限公司	易方达增强回报债券型	债券	2019年12月
001	华夏基金管理有限公司	华夏成长证券投资基金	混合	2019年12月
003	嘉实基金管理有限公司	嘉实货币市场基金	货币	2019年12月
001	华夏基金管理有限公司	华夏成长证券投资基金	混合	2019年12月
002	易方达基金管理有限公司	易方达增强回报债券型	债券	2019年12月
003	嘉实基金管理有限公司	嘉实货币市场基金	货币	2019年12月
002	易方达基金管理有限公司	易方达增强回报债券型	债券	2019年12月
001	华夏基金管理有限公司	华夏成长证券投资基金	混合	2019年12月
003	嘉实基金管理有限公司	嘉实货币市场基金	货币	2019年12月
001	华夏基金管理有限公司	华夏成长证券投资基金	混合	2019年12月
002	易方达基金管理有限公司	易方达增强回报债券型	债券	2019年12月
003	嘉实基金管理有限公司	嘉实货币市场基金	货币	2019年12月
002	易方达基金管理有限公司	易方达增强回报债券型	债券	2019年12月
001	华夏基金管理有限公司	华夏成长证券投资基金	混合	2019年12月
003	嘉实基金管理有限公司	嘉实货币市场基金	货币	2019年12月
001	华夏基金管理有限公司	华夏成长证券投资基金	混合	2019年12月
002	易方达基金管理有限公司	易方达增强回报债券型	债券	2019年12月
003	嘉实基金管理有限公司	嘉实货币市场基金	货币	2019年12月
002	易方达基金管理有限公司	易方达增强回报债券型	债券	2019年12月
001	华夏基金管理有限公司	华夏成长证券投资基金	混合	2019年12月
003	嘉实基金管理有限公司	嘉实货币市场基金	货币	2019年12月
001	华夏基金管理有限公司	华夏成长证券投资基金	混合	2019年12月
002	易方达基金管理有限公司	易方达增强回报债券型	债券	2019年12月
003	嘉实基金管理有限公司	嘉实货币市场基金	货币	2019年12月
002	易方达基金管理有限公司	易方达增强回报债券型	债券	2019年12月
001	华夏基金管理有限公司	华夏成长证券投资基金	混合	2019年12月
003	嘉实基金管理有限公司	嘉实货币市场基金	货币	2019年12月
001	华夏基金管理有限公司	华夏成长证券投资基金	混合	2019年12月
002	易方达基金管理有限公司	易方达增强回报债券型	债券	2019年12月
003	嘉实基金管理有限公司	嘉实货币市场基金	货币	2019年12月
002	易方达基金管理有限公司	易方达增强回报债券型	债券	2019年12月
001	华夏基金管理有限公司	华夏成长证券投资基金	混合	2019年12月
003	嘉实基金管理有限公司	嘉实货币市场基金	货币	2019年12月
001	华夏基金管理有限公司	华夏成长证券投资基金	混合	2019年12月
002	易方达基金管理有限公司	易方达增强回报债券型	债券	2019年12月
003	嘉实基金管理有限公司	嘉实货币市场基金	货币	2019年12月
002	易方达基金管理有限公司	易方达增强回报债券型	债券	2019年12月
001	华夏基金管理有限公司	华夏成长证券投资基金	混合	2019年12月
003	嘉实基金管理有限公司	嘉实货币市场基金	货币	2019年12月
001	华夏基金管理有限公司	华夏成长证券投资基金	混合	2019年12月
002	易方达基金管理有限公司	易方达增强回报债券型	债券	2019年12月
003	嘉实基金管理有限公司	嘉实货币市场基金	货币	2019年12月
002	易方达基金管理有限公司	易方达增强回报债券型	债券	2019年12月
001	华夏基金管理有限公司	华夏成长证券投资基金	混合	2019年12月
003	嘉实基金管理有限公司	嘉实货币市场基金	货币	2019年12月
001	华夏基金管理有限公司	华夏成长证券投资基金	混合	2019年12月
002	易方达基金管理有限公司	易方达增强回报债券型	债券	2019年12月
003	嘉实基金管理有限公司	嘉实货币市场基金	货币	2019年12月
002	易方达基金管理有限公司	易方达增强回报债券型	债券	2019年12月
001	华夏基金管理有限公司	华夏成长证券投资基金	混合	2019年12月
003	嘉实基金管理有限公司	嘉实货币市场基金	货币	2019年12月
001	华夏基金管理有限公司	华夏成长证券投资基金	混合	2019年12月
（下转A20版
